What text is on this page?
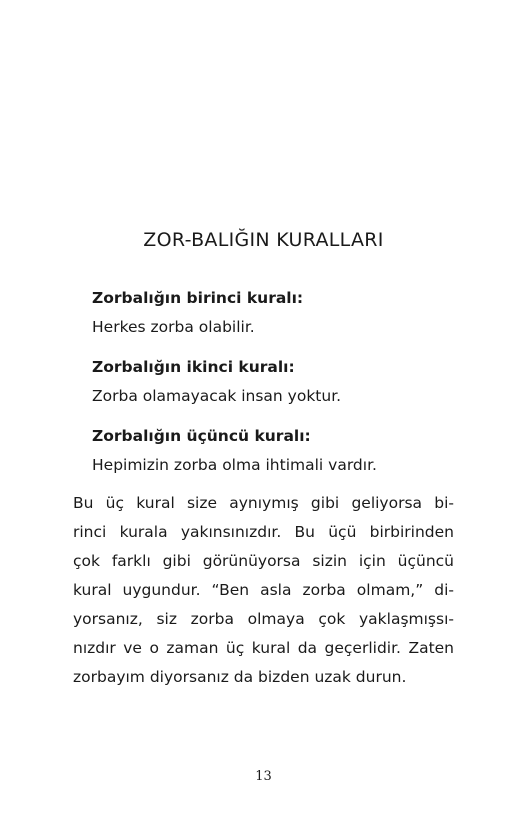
ZOR-BALIĞIN KURALLARI
Zorbalığın birinci kuralı:
Herkes zorba olabilir.
Zorbalığın ikinci kuralı:
Zorba olamayacak insan yoktur.
Zorbalığın üçüncü kuralı:
Hepimizin zorba olma ihtimali vardır.
Bu üç kural size aynıymış gibi geliyorsa bi-
rinci kurala yakınsınızdır. Bu üçü birbirinden
çok farklı gibi görünüyorsa sizin için üçüncü
kural uygundur. “Ben asla zorba olmam,” di-
yorsanız, siz zorba olmaya çok yaklaşmışsı-
nızdır ve o zaman üç kural da geçerlidir. Zaten
zorbayım diyorsanız da bizden uzak durun.
13
